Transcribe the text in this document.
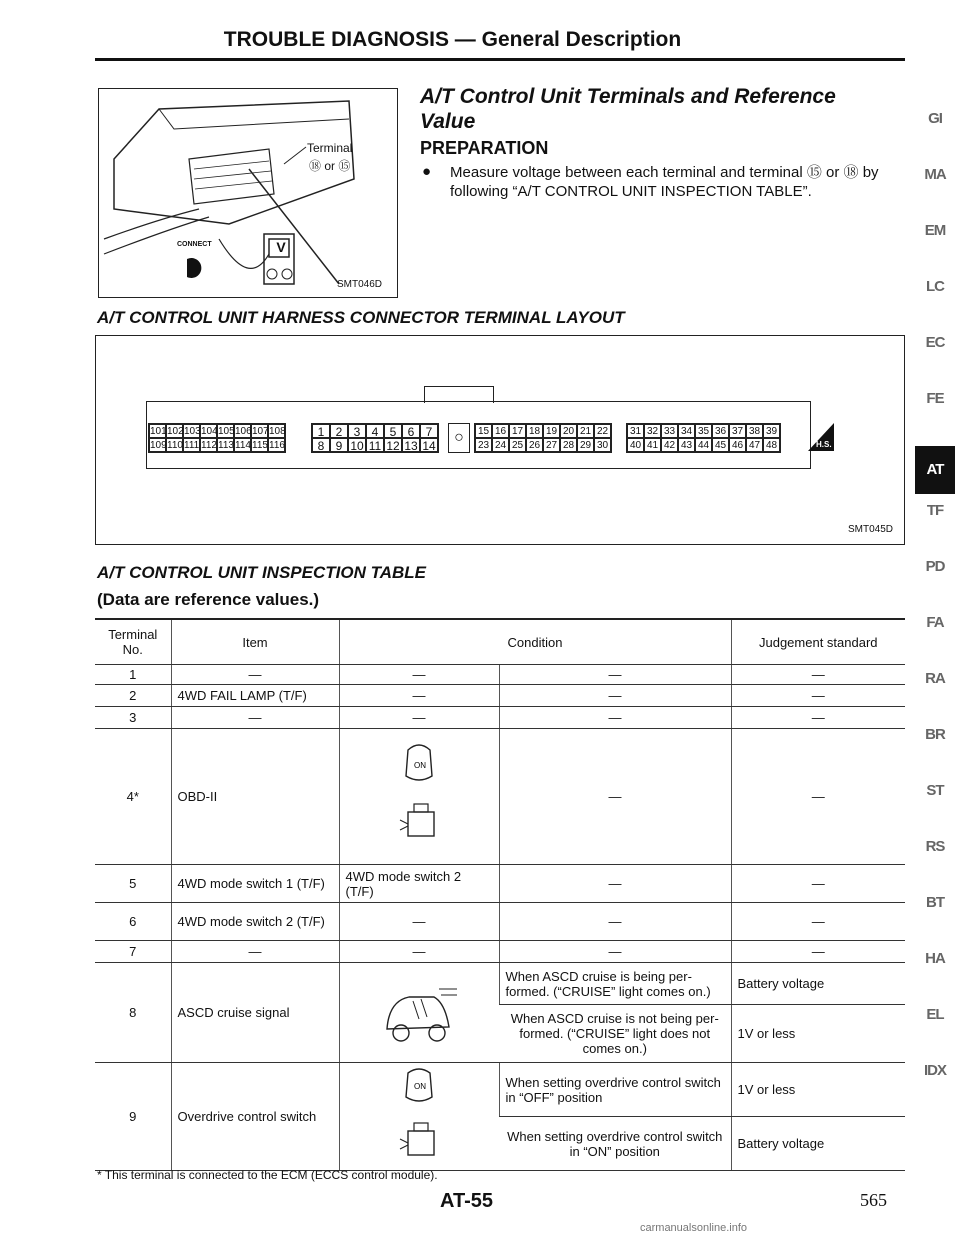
TROUBLE DIAGNOSIS — General Description
Terminal
⑱ or ⑮
CONNECT	V
SMT046D
A/T Control Unit Terminals and Reference Value
PREPARATION
● Measure voltage between each terminal and terminal ⑮ or ⑱ by following “A/T CONTROL UNIT INSPECTION TABLE”.
A/T CONTROL UNIT HARNESS CONNECTOR TERMINAL LAYOUT
101 102 103 104 105 106 107 108
109 110 111 112 113 114 115 116
1 2 3 4 5 6 7
8 9 10 11 12 13 14	○	15 16 17 18 19 20 21 22
23 24 25 26 27 28 29 30
31 32 33 34 35 36 37 38 39
40 41 42 43 44 45 46 47 48	H.S.
SMT045D
A/T CONTROL UNIT INSPECTION TABLE
(Data are reference values.)
Terminal No.	Item	Condition		Judgement standard
1	—	—	—	—
2	4WD FAIL LAMP (T/F)	—	—	—
3	—	—	—	—
4*	OBD-II	ON	—	—
5	4WD mode switch 1 (T/F)	4WD mode switch 2 (T/F)	—	—
6	4WD mode switch 2 (T/F)	—	—	—
7	—	—	—	—
8	ASCD cruise signal		When ASCD cruise is being per- formed. (“CRUISE” light comes on.)	Battery voltage
			When ASCD cruise is not being per- formed. (“CRUISE” light does not comes on.)	1V or less
9	Overdrive control switch	ON	When setting overdrive control switch in “OFF” position	1V or less
			When setting overdrive control switch in “ON” position	Battery voltage
GI
MA
EM
LC
EC
FE
AT
TF
PD
FA
RA
BR
ST
RS
BT
HA
EL
IDX
* This terminal is connected to the ECM (ECCS control module).
AT-55	565
carmanualsonline.info
